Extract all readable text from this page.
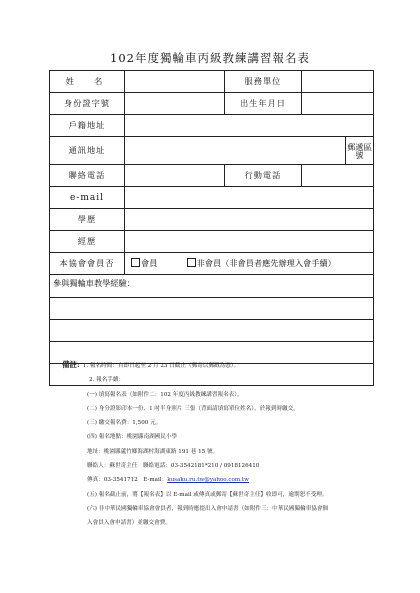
102年度獨輪車丙級教練講習報名表
姓　名		服務單位		
身份證字號		出生年月日		
戶籍地址				
通訊地址				郵遞區號
聯絡電話		行動電話		
e-mail				
學歷				
經歷				
本協會會員否	會員 非會員（非會員者應先辦理入會手續）			
參與獨輪車教學經驗：				

備註: 1. 報名時間：自即日起至 2 月 23 日截止（郵寄以郵戳為憑）。
2. 報名手續：
(一) 填寫報名表（如附件二：102 年度丙級教練講習報名表）。
(二) 身分證影印本一份、1 吋半身照片 三張（背面請填寫單位姓名），於報到時繳交。
(三) 繳交報名費：1,500 元。
(四) 報名地點：桃園縣南湖國民小學
地址：桃園縣蘆竹鄉海湖村海湖東路 191 巷 15 號。
聯絡人：蘇世奇主任　聯絡電話：03-3542181*210 / 0918126410
傳真：03-3541712　E-mail：kusaku.ru.tw@yahoo.com.tw
(五) 報名截止前，將【報名表】以 E-mail 或傳真或郵寄【蘇世奇主任】收即可，逾期恕不受理。
(六) 非中華民國獨輪車協會會員者，報到時應提出入會申請書（如附件三：中華民國獨輪車協會個
入會員入會申請書）並繳交會費。
